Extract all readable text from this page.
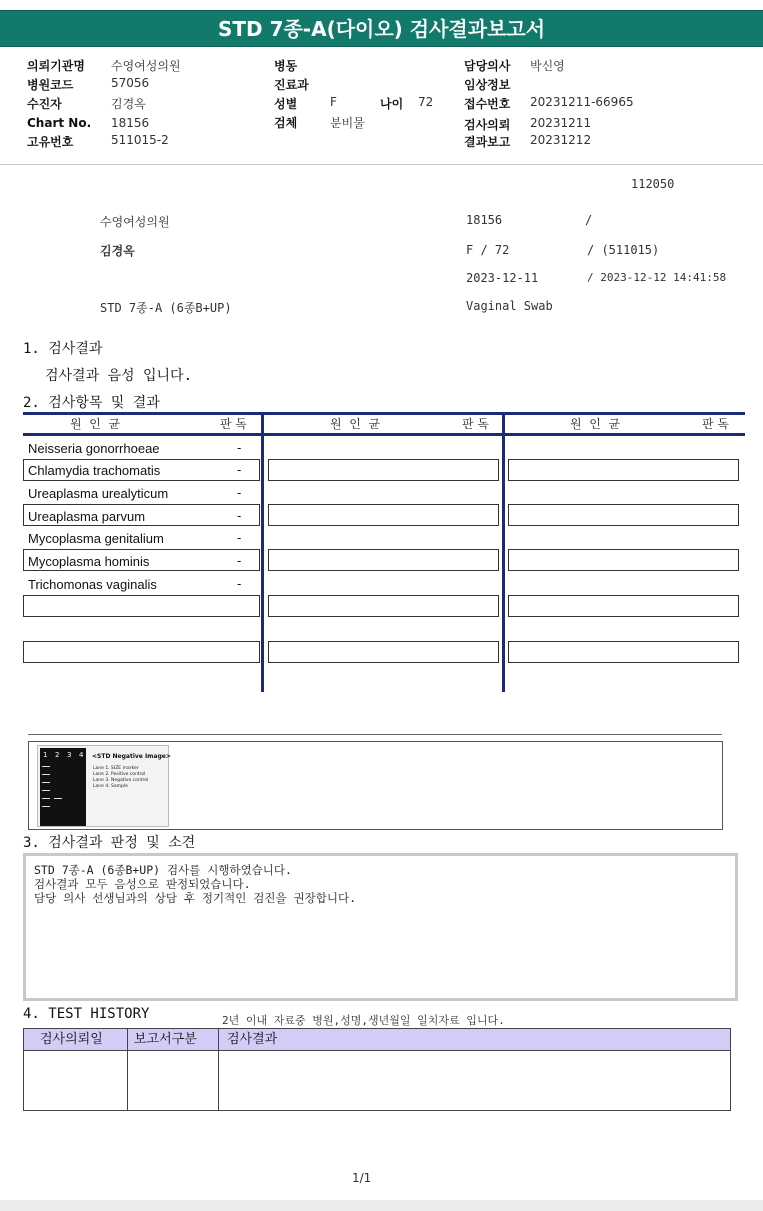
STD 7종-A(다이오) 검사결과보고서
의뢰기관명 수영여성의원
병원코드	57056
수진자	김경옥
Chart No. 18156
고유번호	511015-2
병동
진료과
성별	F	나이 72
검체	분비물
담당의사 박신영
임상정보
접수번호 20231211-66965
검사의뢰 20231211
결과보고 20231212
112050
수영여성의원	18156	/
김경옥	F / 72	/ (511015)
2023-12-11	/ 2023-12-12 14:41:58
STD 7종-A (6종B+UP)	Vaginal Swab
1. 검사결과
검사결과 음성 입니다.
2. 검사항목 및 결과
원  인  균	판 독	원  인  균	판 독	원  인  균	판 독
Neisseria gonorrhoeae	-
Chlamydia trachomatis	-
Ureaplasma urealyticum	-
Ureaplasma parvum	-
Mycoplasma genitalium	-
Mycoplasma hominis	-
Trichomonas vaginalis	-
1 2 3 4 <STD Negative Image>
Lane 1. SIZE marker
Lane 2. Positive control
Lane 3. Negative control
Lane 4. Sample
3. 검사결과 판정 및 소견
STD 7종-A (6종B+UP) 검사를 시행하였습니다.
검사결과 모두 음성으로 판정되었습니다.
담당 의사 선생님과의 상담 후 정기적인 검진을 권장합니다.
4. TEST HISTORY	2년 이내 자료중 병원,성명,생년월일 일치자료 입니다.
검사의뢰일	보고서구분	검사결과
1/1
